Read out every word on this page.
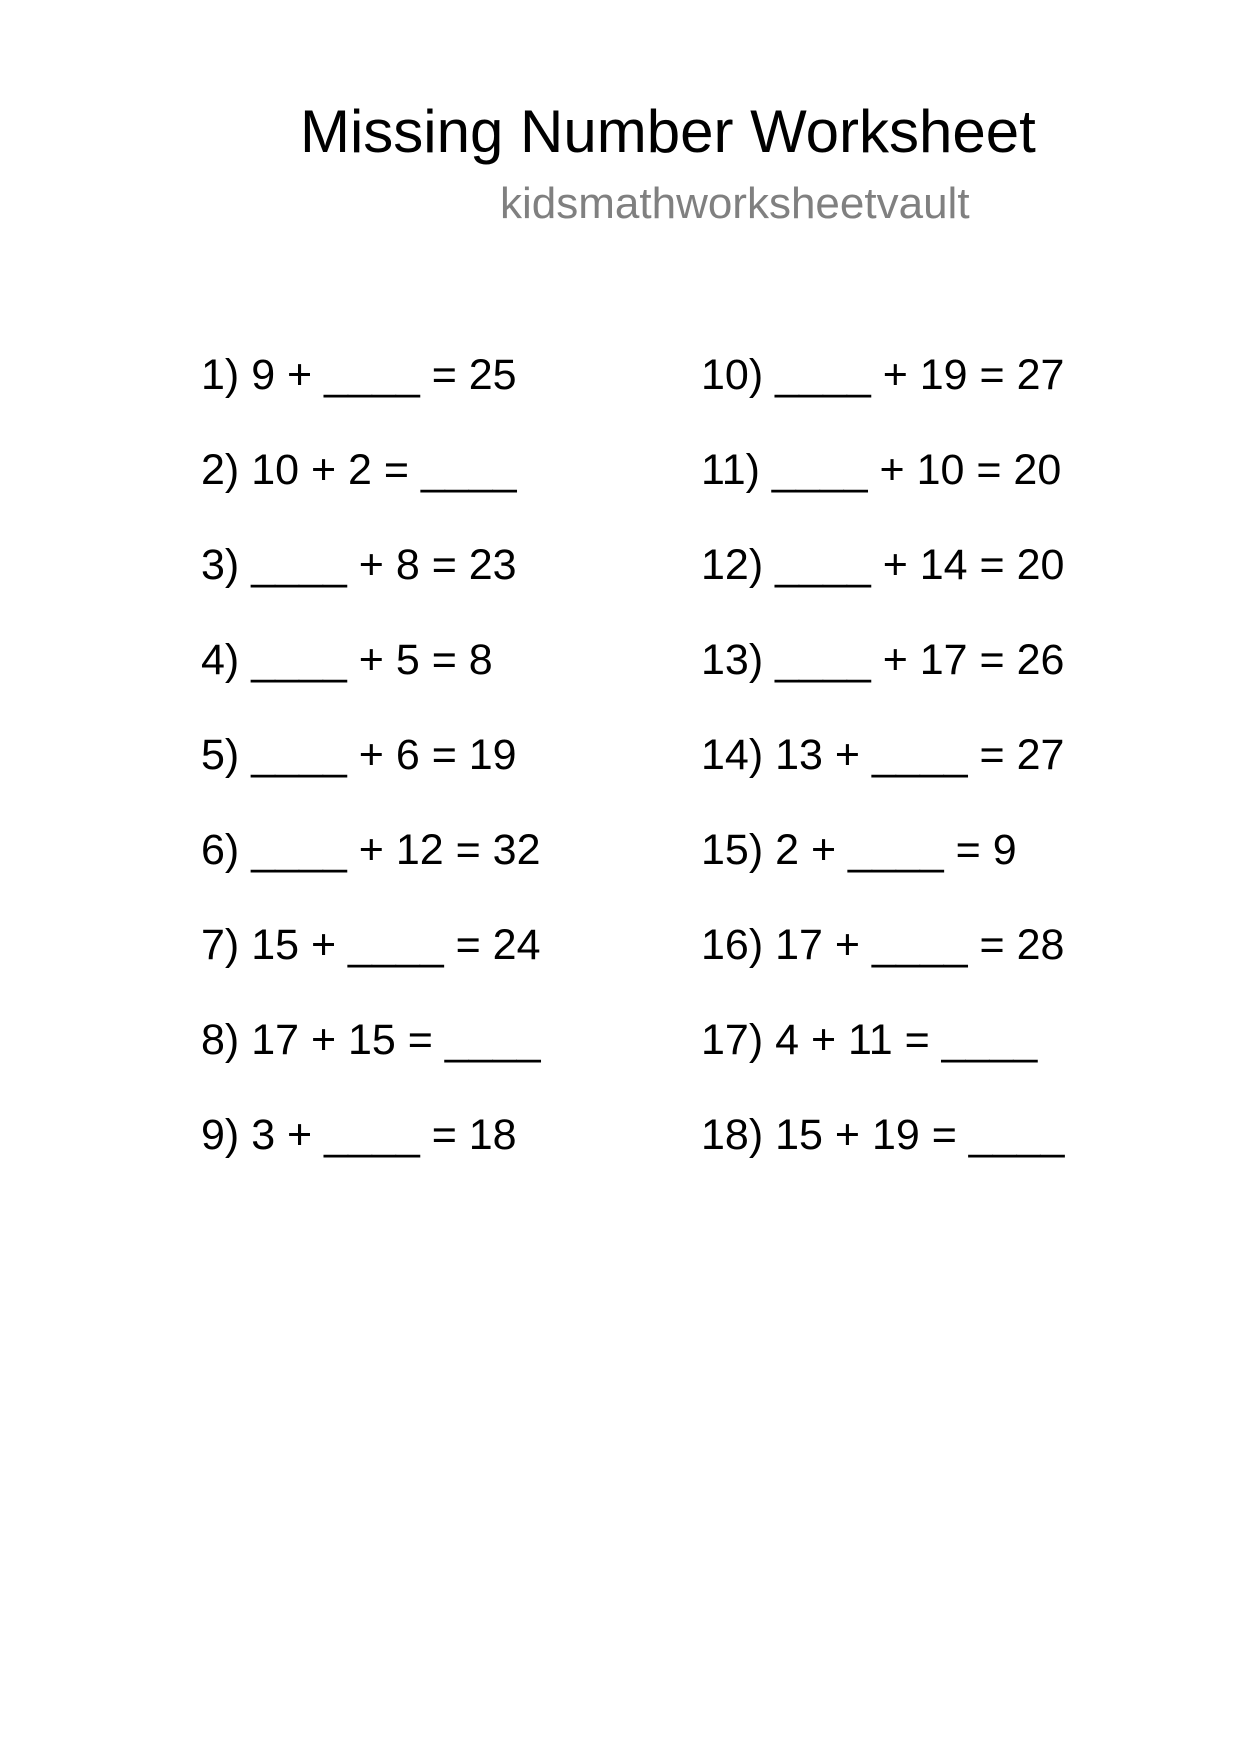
Missing Number Worksheet
kidsmathworksheetvault
1) 9 + ____ = 25
2) 10 + 2 = ____
3) ____ + 8 = 23
4) ____ + 5 = 8
5) ____ + 6 = 19
6) ____ + 12 = 32
7) 15 + ____ = 24
8) 17 + 15 = ____
9) 3 + ____ = 18
10) ____ + 19 = 27
11) ____ + 10 = 20
12) ____ + 14 = 20
13) ____ + 17 = 26
14) 13 + ____ = 27
15) 2 + ____ = 9
16) 17 + ____ = 28
17) 4 + 11 = ____
18) 15 + 19 = ____
